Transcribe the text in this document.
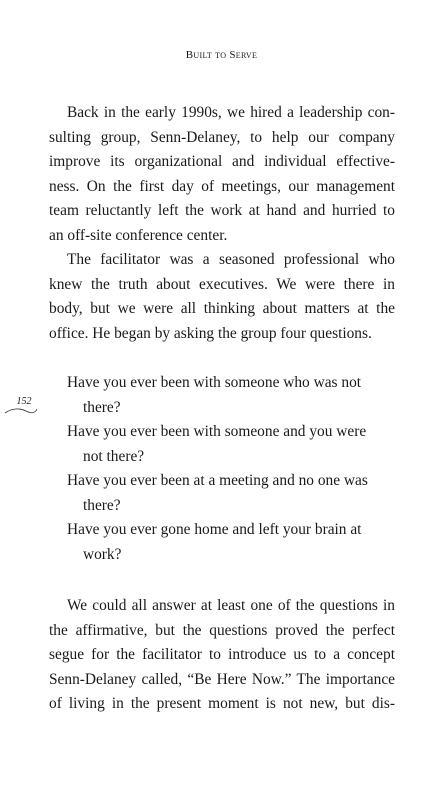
Built to Serve
Back in the early 1990s, we hired a leadership con-
sulting group, Senn-Delaney, to help our company
improve its organizational and individual effective-
ness. On the first day of meetings, our management
team reluctantly left the work at hand and hurried to
an off-site conference center.
The facilitator was a seasoned professional who
knew the truth about executives. We were there in
body, but we were all thinking about matters at the
office. He began by asking the group four questions.
Have you ever been with someone who was not
there?
Have you ever been with someone and you were
not there?
Have you ever been at a meeting and no one was
there?
Have you ever gone home and left your brain at
work?
We could all answer at least one of the questions in
the affirmative, but the questions proved the perfect
segue for the facilitator to introduce us to a concept
Senn-Delaney called, “Be Here Now.” The importance
of living in the present moment is not new, but dis-
152
